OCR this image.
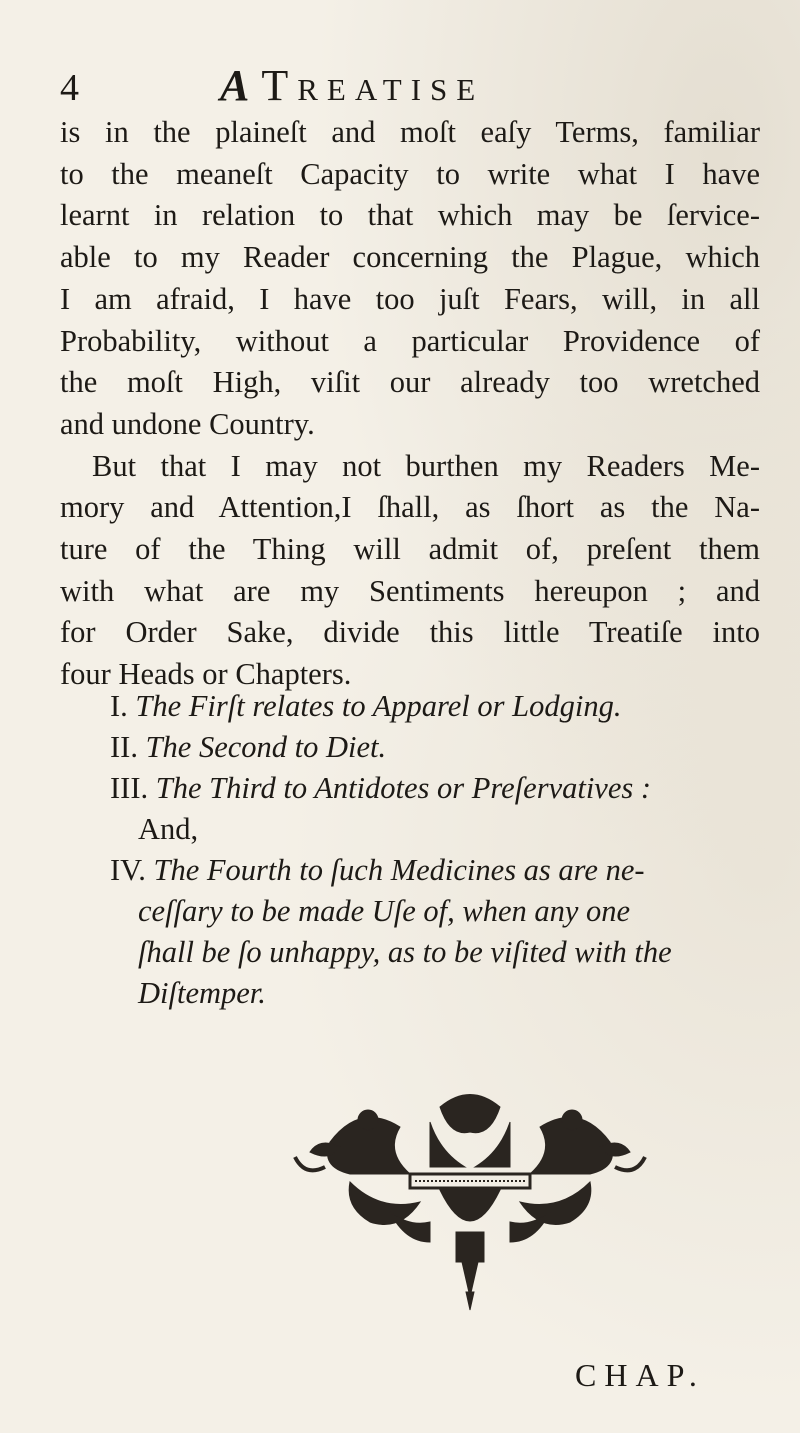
4	ATreatise
is in the plaineſt and moſt eaſy Terms, familiar
to the meaneſt Capacity to write what I have
learnt in relation to that which may be ſervice-
able to my Reader concerning the Plague, which
I am afraid, I have too juſt Fears, will, in all
Probability, without a particular Providence of
the moſt High, viſit our already too wretched
and undone Country.
But that I may not burthen my Readers Me-
mory and Attention,I ſhall, as ſhort as the Na-
ture of the Thing will admit of, preſent them
with what are my Sentiments hereupon ; and
for Order Sake, divide this little Treatiſe into
four Heads or Chapters.
I. The Firſt relates to Apparel or Lodging.
II. The Second to Diet.
III. The Third to Antidotes or Preſervatives :
And,
IV. The Fourth to ſuch Medicines as are ne-
ceſſary to be made Uſe of, when any one
ſhall be ſo unhappy, as to be viſited with the
Diſtemper.
CHAP.
